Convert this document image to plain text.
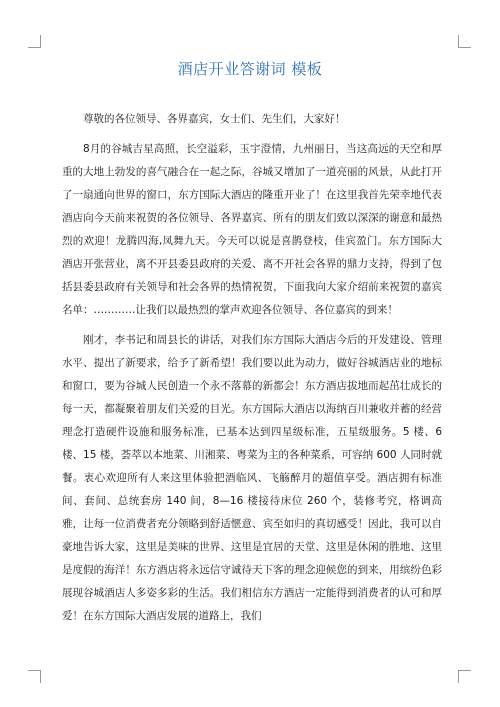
酒店开业答谢词 模板

尊敬的各位领导、各界嘉宾，女士们、先生们，大家好！

8月的谷城吉星高照，长空溢彩，玉宇澄情，九州丽日，当这高远的天空和厚重的大地上勃发的喜气融合在一起之际，谷城又增加了一道亮丽的风景，从此打开了一扇通向世界的窗口，东方国际大酒店的隆重开业了！在这里我首先荣幸地代表酒店向今天前来祝贺的各位领导、各界嘉宾、所有的朋友们致以深深的谢意和最热烈的欢迎！龙腾四海,凤舞九天。今天可以说是喜鹊登枝，佳宾盈门。东方国际大酒店开张营业，离不开县委县政府的关爱、离不开社会各界的鼎力支持，得到了包括县委县政府有关领导和社会各界的热情祝贺，下面我向大家介绍前来祝贺的嘉宾名单：…………让我们以最热烈的掌声欢迎各位领导、各位嘉宾的到来！

刚才，李书记和周县长的讲话，对我们东方国际大酒店今后的开发建设、管理水平、提出了新要求，给予了新希望！我们要以此为动力，做好谷城酒店业的地标和窗口，要为谷城人民创造一个永不落幕的新都会！东方酒店拔地而起茁壮成长的每一天，都凝聚着朋友们关爱的目光。东方国际大酒店以海纳百川兼收并蓄的经营理念打造硬件设施和服务标准，已基本达到四星级标准，五星级服务。5 楼、6 楼、15 楼，荟萃以本地菜、川湘菜、粤菜为主的各种菜系，可容纳 600 人同时就餐。衷心欢迎所有人来这里体验把酒临风、飞觞醉月的超值享受。酒店拥有标准间、套间、总统套房 140 间，8—16 楼接待床位 260 个，装修考究，格调高雅，让每一位消费者充分领略到舒适惬意、宾至如归的真切感受！因此，我可以自豪地告诉大家，这里是美味的世界、这里是宜居的天堂、这里是休闲的胜地、这里是度假的海洋！东方酒店将永远信守诚待天下客的理念迎候您的到来，用缤纷色彩展现谷城酒店人多姿多彩的生活。我们相信东方酒店一定能得到消费者的认可和厚爱！在东方国际大酒店发展的道路上，我们
